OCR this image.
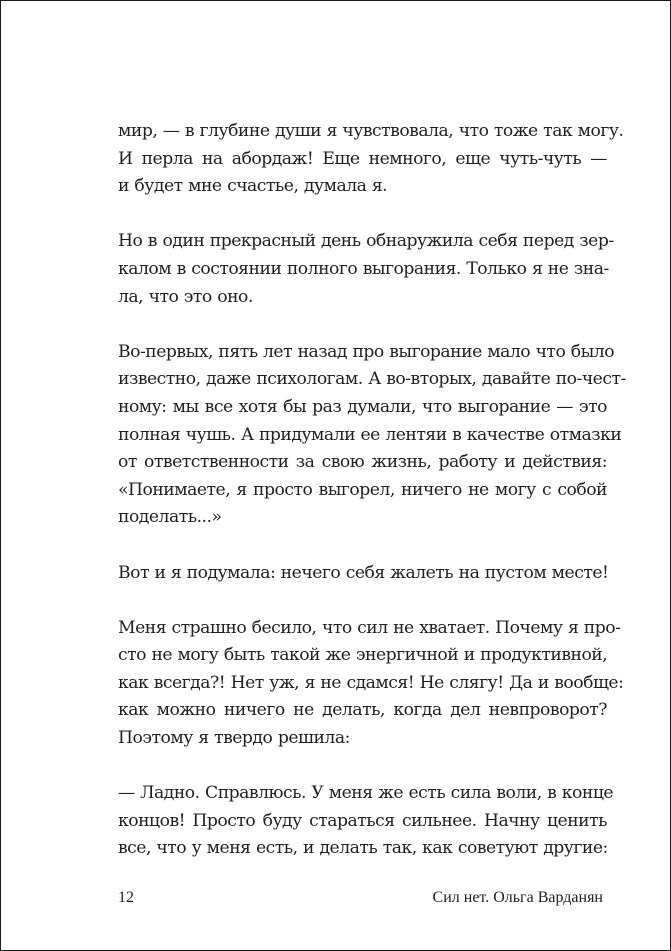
мир, — в глубине души я чувствовала, что тоже так могу.
И перла на абордаж! Еще немного, еще чуть-чуть —
и будет мне счастье, думала я.
Но в один прекрасный день обнаружила себя перед зер-
калом в состоянии полного выгорания. Только я не зна-
ла, что это оно.
Во-первых, пять лет назад про выгорание мало что было
известно, даже психологам. А во-вторых, давайте по-чест-
ному: мы все хотя бы раз думали, что выгорание — это
полная чушь. А придумали ее лентяи в качестве отмазки
от ответственности за свою жизнь, работу и действия:
«Понимаете, я просто выгорел, ничего не могу с собой
поделать...»
Вот и я подумала: нечего себя жалеть на пустом месте!
Меня страшно бесило, что сил не хватает. Почему я про-
сто не могу быть такой же энергичной и продуктивной,
как всегда?! Нет уж, я не сдамся! Не слягу! Да и вообще:
как можно ничего не делать, когда дел невпроворот?
Поэтому я твердо решила:
— Ладно. Справлюсь. У меня же есть сила воли, в конце
концов! Просто буду стараться сильнее. Начну ценить
все, что у меня есть, и делать так, как советуют другие:
12	Сил нет. Ольга Варданян
